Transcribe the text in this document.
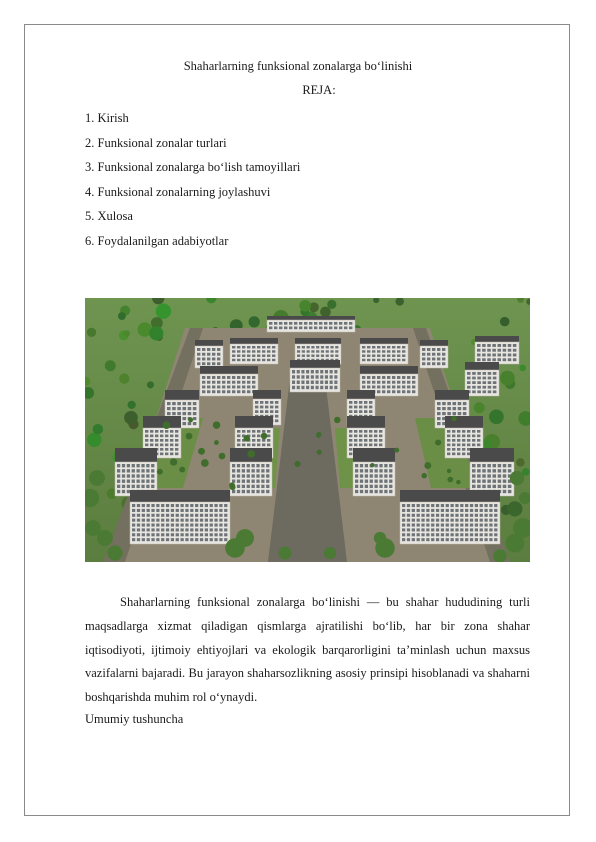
Shaharlarning funksional zonalarga bo‘linishi
REJA:
1. Kirish
2. Funksional zonalar turlari
3. Funksional zonalarga bo‘lish tamoyillari
4. Funksional zonalarning joylashuvi
5. Xulosa
6. Foydalanilgan adabiyotlar

Shaharlarning funksional zonalarga bo‘linishi — bu shahar hududining turli maqsadlarga xizmat qiladigan qismlarga ajratilishi bo‘lib, har bir zona shahar iqtisodiyoti, ijtimoiy ehtiyojlari va ekologik barqarorligini ta’minlash uchun maxsus vazifalarni bajaradi. Bu jarayon shaharsozlikning asosiy prinsipi hisoblanadi va shaharni boshqarishda muhim rol o‘ynaydi.

Umumiy tushuncha
